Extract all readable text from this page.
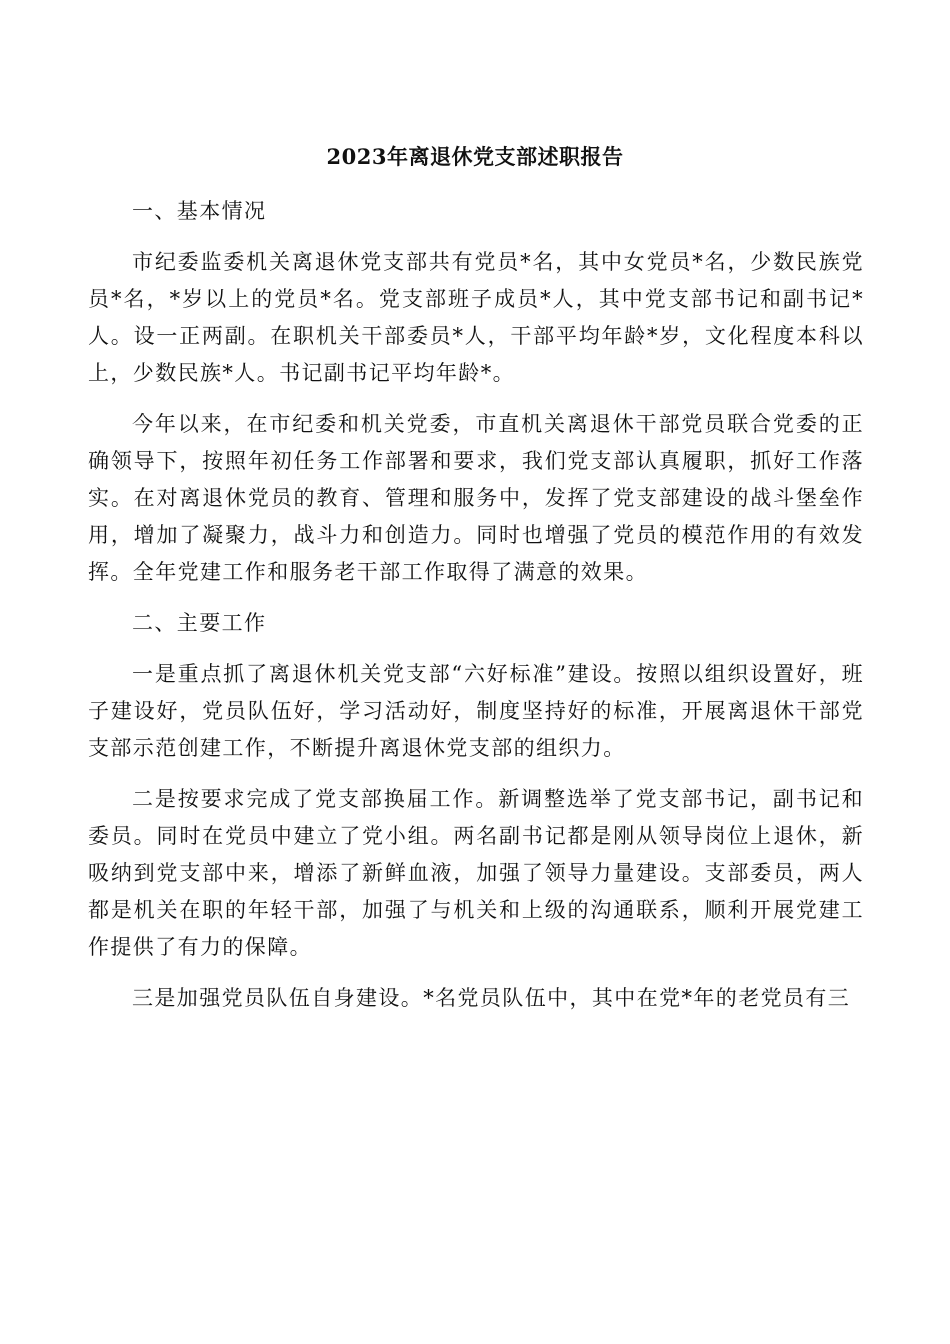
2023年离退休党支部述职报告

一、基本情况

市纪委监委机关离退休党支部共有党员*名，其中女党员*名，少数民族党员*名，*岁以上的党员*名。党支部班子成员*人，其中党支部书记和副书记*人。设一正两副。在职机关干部委员*人，干部平均年龄*岁，文化程度本科以上，少数民族*人。书记副书记平均年龄*。

今年以来，在市纪委和机关党委，市直机关离退休干部党员联合党委的正确领导下，按照年初任务工作部署和要求，我们党支部认真履职，抓好工作落实。在对离退休党员的教育、管理和服务中，发挥了党支部建设的战斗堡垒作用，增加了凝聚力，战斗力和创造力。同时也增强了党员的模范作用的有效发挥。全年党建工作和服务老干部工作取得了满意的效果。

二、主要工作

一是重点抓了离退休机关党支部“六好标准”建设。按照以组织设置好，班子建设好，党员队伍好，学习活动好，制度坚持好的标准，开展离退休干部党支部示范创建工作，不断提升离退休党支部的组织力。

二是按要求完成了党支部换届工作。新调整选举了党支部书记，副书记和委员。同时在党员中建立了党小组。两名副书记都是刚从领导岗位上退休，新吸纳到党支部中来，增添了新鲜血液，加强了领导力量建设。支部委员，两人都是机关在职的年轻干部，加强了与机关和上级的沟通联系，顺利开展党建工作提供了有力的保障。

三是加强党员队伍自身建设。*名党员队伍中，其中在党*年的老党员有三
